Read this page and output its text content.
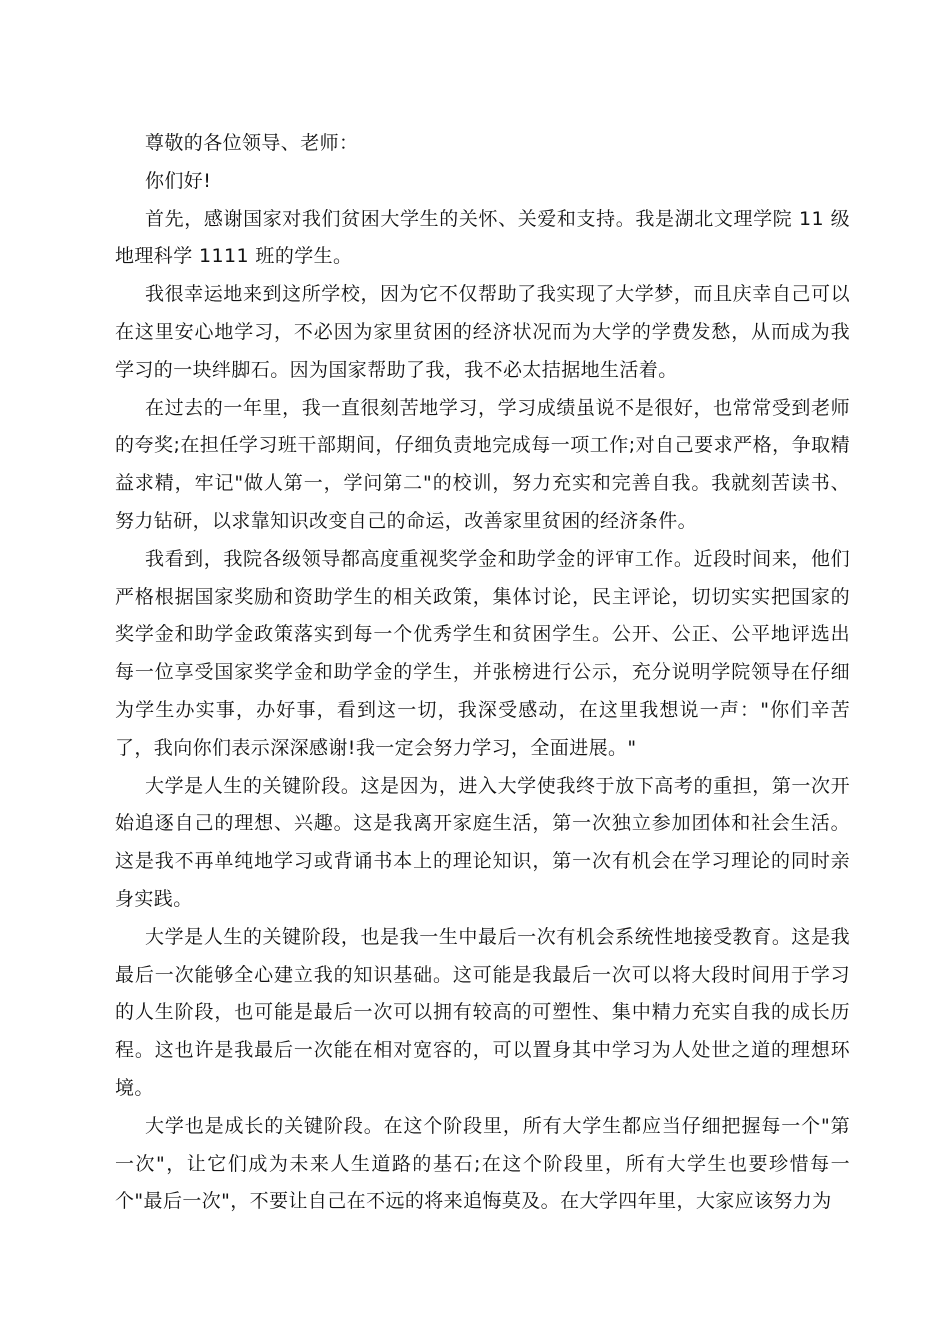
尊敬的各位领导、老师：

你们好!

首先，感谢国家对我们贫困大学生的关怀、关爱和支持。我是湖北文理学院 11 级地理科学 1111 班的学生。

我很幸运地来到这所学校，因为它不仅帮助了我实现了大学梦，而且庆幸自己可以在这里安心地学习，不必因为家里贫困的经济状况而为大学的学费发愁，从而成为我学习的一块绊脚石。因为国家帮助了我，我不必太拮据地生活着。

在过去的一年里，我一直很刻苦地学习，学习成绩虽说不是很好，也常常受到老师的夸奖;在担任学习班干部期间，仔细负责地完成每一项工作;对自己要求严格，争取精益求精，牢记"做人第一，学问第二"的校训，努力充实和完善自我。我就刻苦读书、努力钻研，以求靠知识改变自己的命运，改善家里贫困的经济条件。

我看到，我院各级领导都高度重视奖学金和助学金的评审工作。近段时间来，他们严格根据国家奖励和资助学生的相关政策，集体讨论，民主评论，切切实实把国家的奖学金和助学金政策落实到每一个优秀学生和贫困学生。公开、公正、公平地评选出每一位享受国家奖学金和助学金的学生，并张榜进行公示，充分说明学院领导在仔细为学生办实事，办好事，看到这一切，我深受感动，在这里我想说一声："你们辛苦了，我向你们表示深深感谢!我一定会努力学习，全面进展。"

大学是人生的关键阶段。这是因为，进入大学使我终于放下高考的重担，第一次开始追逐自己的理想、兴趣。这是我离开家庭生活，第一次独立参加团体和社会生活。这是我不再单纯地学习或背诵书本上的理论知识，第一次有机会在学习理论的同时亲身实践。

大学是人生的关键阶段，也是我一生中最后一次有机会系统性地接受教育。这是我最后一次能够全心建立我的知识基础。这可能是我最后一次可以将大段时间用于学习的人生阶段，也可能是最后一次可以拥有较高的可塑性、集中精力充实自我的成长历程。这也许是我最后一次能在相对宽容的，可以置身其中学习为人处世之道的理想环境。

大学也是成长的关键阶段。在这个阶段里，所有大学生都应当仔细把握每一个"第一次"，让它们成为未来人生道路的基石;在这个阶段里，所有大学生也要珍惜每一个"最后一次"，不要让自己在不远的将来追悔莫及。在大学四年里，大家应该努力为
